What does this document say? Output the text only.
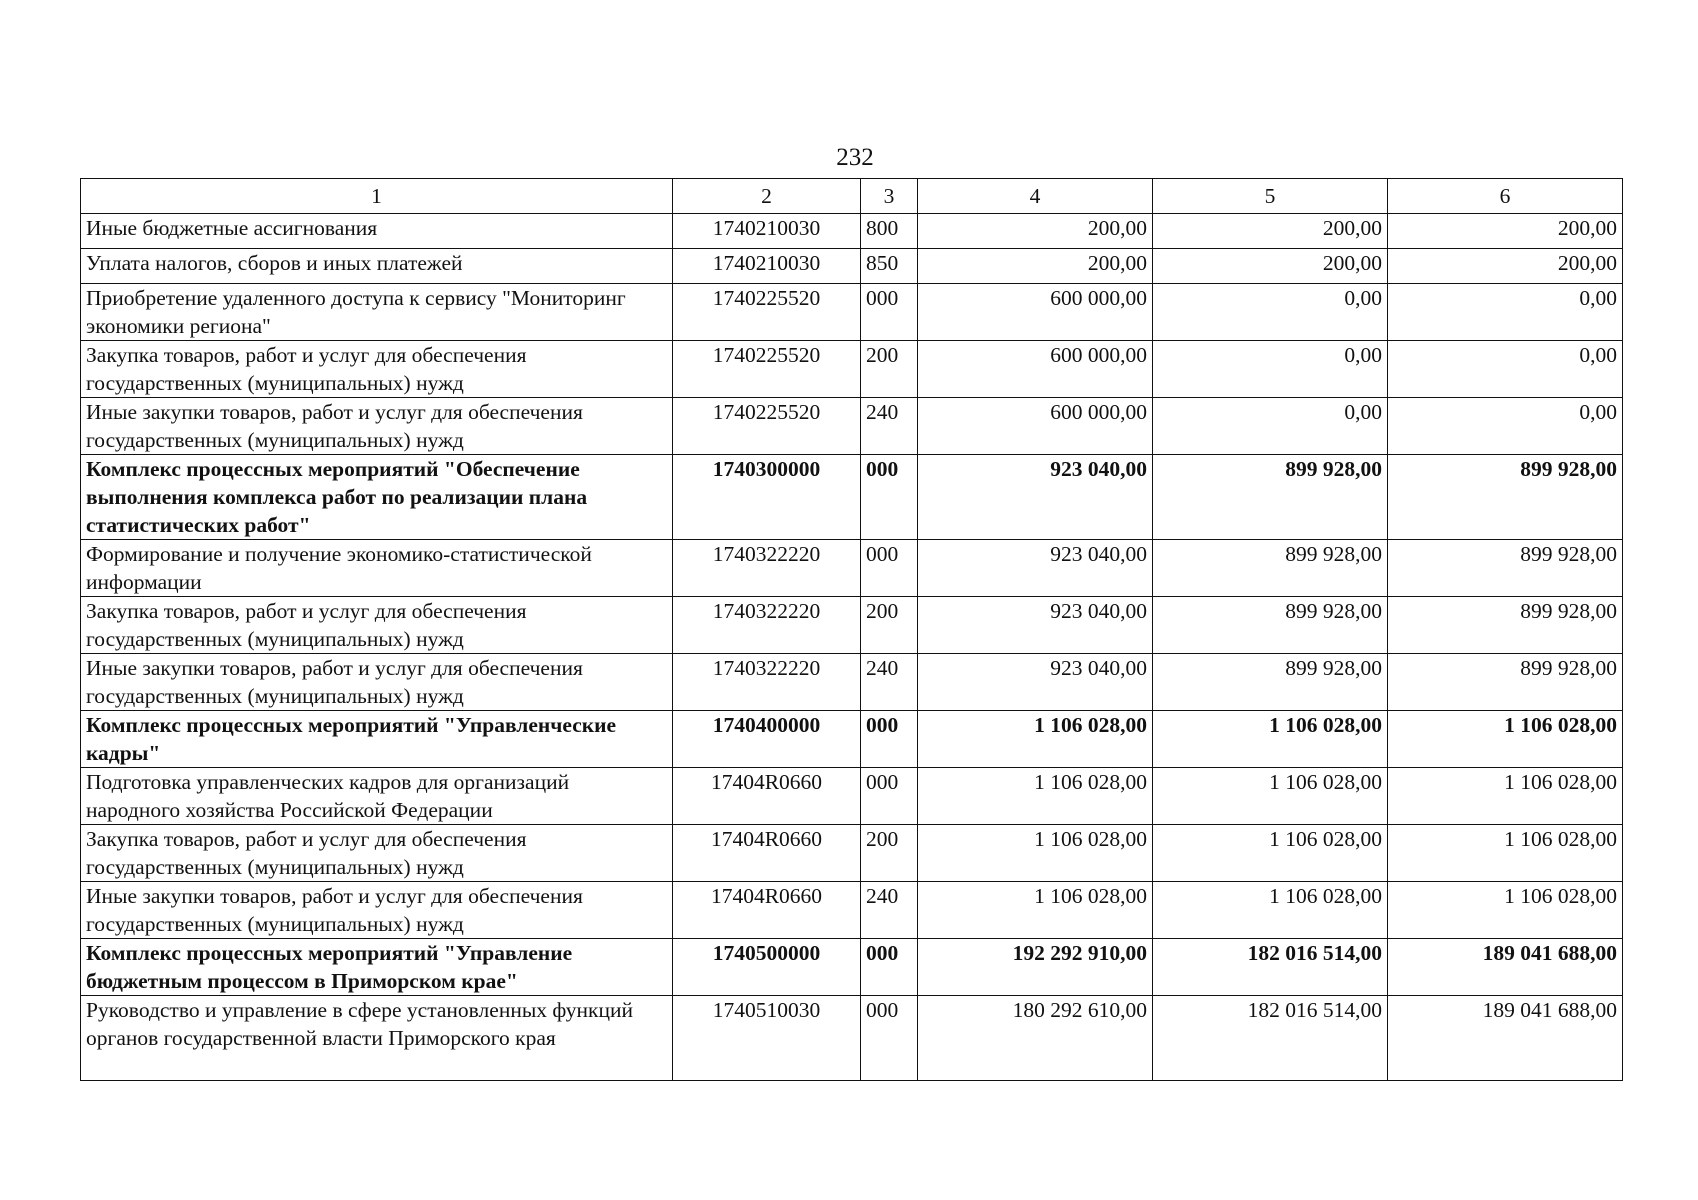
232
1	2	3	4	5	6
Иные бюджетные ассигнования	1740210030	800	200,00	200,00	200,00
Уплата налогов, сборов и иных платежей	1740210030	850	200,00	200,00	200,00
Приобретение удаленного доступа к сервису "Мониторинг экономики региона"	1740225520	000	600 000,00	0,00	0,00
Закупка товаров, работ и услуг для обеспечения государственных (муниципальных) нужд	1740225520	200	600 000,00	0,00	0,00
Иные закупки товаров, работ и услуг для обеспечения государственных (муниципальных) нужд	1740225520	240	600 000,00	0,00	0,00
Комплекс процессных мероприятий "Обеспечение выполнения комплекса работ по реализации плана статистических работ"	1740300000	000	923 040,00	899 928,00	899 928,00
Формирование и получение экономико-статистической информации	1740322220	000	923 040,00	899 928,00	899 928,00
Закупка товаров, работ и услуг для обеспечения государственных (муниципальных) нужд	1740322220	200	923 040,00	899 928,00	899 928,00
Иные закупки товаров, работ и услуг для обеспечения государственных (муниципальных) нужд	1740322220	240	923 040,00	899 928,00	899 928,00
Комплекс процессных мероприятий "Управленческие кадры"	1740400000	000	1 106 028,00	1 106 028,00	1 106 028,00
Подготовка управленческих кадров для организаций народного хозяйства Российской Федерации	17404R0660	000	1 106 028,00	1 106 028,00	1 106 028,00
Закупка товаров, работ и услуг для обеспечения государственных (муниципальных) нужд	17404R0660	200	1 106 028,00	1 106 028,00	1 106 028,00
Иные закупки товаров, работ и услуг для обеспечения государственных (муниципальных) нужд	17404R0660	240	1 106 028,00	1 106 028,00	1 106 028,00
Комплекс процессных мероприятий "Управление бюджетным процессом в Приморском крае"	1740500000	000	192 292 910,00	182 016 514,00	189 041 688,00
Руководство и управление в сфере установленных функций органов государственной власти Приморского края	1740510030	000	180 292 610,00	182 016 514,00	189 041 688,00
